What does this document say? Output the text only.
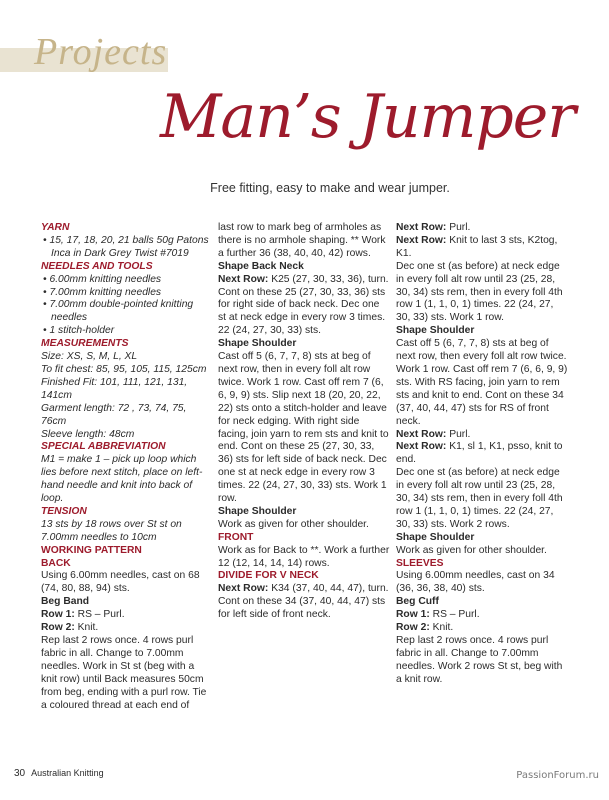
Projects
Man’s Jumper
Free fitting, easy to make and wear jumper.

YARN

• 15, 17, 18, 20, 21 balls 50g Patons Inca in Dark Grey Twist #7019

NEEDLES AND TOOLS

• 6.00mm knitting needles

• 7.00mm knitting needles

• 7.00mm double-pointed knitting needles

• 1 stitch-holder

MEASUREMENTS

Size: XS, S, M, L, XL

To fit chest: 85, 95, 105, 115, 125cm

Finished Fit: 101, 111, 121, 131, 141cm

Garment length: 72 , 73, 74, 75, 76cm

Sleeve length: 48cm

SPECIAL ABBREVIATION

M1 = make 1 – pick up loop which lies before next stitch, place on left-hand needle and knit into back of loop.

TENSION

13 sts by 18 rows over St st on 7.00mm needles to 10cm

WORKING PATTERN

BACK

Using 6.00mm needles, cast on 68 (74, 80, 88, 94) sts.

Beg Band

Row 1: RS – Purl.

Row 2: Knit.

Rep last 2 rows once. 4 rows purl fabric in all. Change to 7.00mm needles. Work in St st (beg with a knit row) until Back measures 50cm from beg, ending with a purl row. Tie a coloured thread at each end of

last row to mark beg of armholes as there is no armhole shaping. ** Work a further 36 (38, 40, 40, 42) rows.

Shape Back Neck

Next Row: K25 (27, 30, 33, 36), turn.

Cont on these 25 (27, 30, 33, 36) sts for right side of back neck. Dec one st at neck edge in every row 3 times. 22 (24, 27, 30, 33) sts.

Shape Shoulder

Cast off 5 (6, 7, 7, 8) sts at beg of next row, then in every foll alt row twice. Work 1 row. Cast off rem 7 (6, 6, 9, 9) sts. Slip next 18 (20, 20, 22, 22) sts onto a stitch-holder and leave for neck edging. With right side facing, join yarn to rem sts and knit to end. Cont on these 25 (27, 30, 33, 36) sts for left side of back neck. Dec one st at neck edge in every row 3 times. 22 (24, 27, 30, 33) sts. Work 1 row.

Shape Shoulder

Work as given for other shoulder.

FRONT

Work as for Back to **. Work a further 12 (12, 14, 14, 14) rows.

DIVIDE FOR V NECK

Next Row: K34 (37, 40, 44, 47), turn.

Cont on these 34 (37, 40, 44, 47) sts for left side of front neck.

Next Row: Purl.

Next Row: Knit to last 3 sts, K2tog, K1.

Dec one st (as before) at neck edge in every foll alt row until 23 (25, 28, 30, 34) sts rem, then in every foll 4th row 1 (1, 1, 0, 1) times. 22 (24, 27, 30, 33) sts. Work 1 row.

Shape Shoulder

Cast off 5 (6, 7, 7, 8) sts at beg of next row, then every foll alt row twice. Work 1 row. Cast off rem 7 (6, 6, 9, 9) sts. With RS facing, join yarn to rem sts and knit to end. Cont on these 34 (37, 40, 44, 47) sts for RS of front neck.

Next Row: Purl.

Next Row: K1, sl 1, K1, psso, knit to end.

Dec one st (as before) at neck edge in every foll alt row until 23 (25, 28, 30, 34) sts rem, then in every foll 4th row 1 (1, 1, 0, 1) times. 22 (24, 27, 30, 33) sts. Work 2 rows.

Shape Shoulder

Work as given for other shoulder.

SLEEVES

Using 6.00mm needles, cast on 34 (36, 36, 38, 40) sts.

Beg Cuff

Row 1: RS – Purl.

Row 2: Knit.

Rep last 2 rows once. 4 rows purl fabric in all. Change to 7.00mm needles. Work 2 rows St st, beg with a knit row.

30 Australian Knitting	PassionForum.ru
